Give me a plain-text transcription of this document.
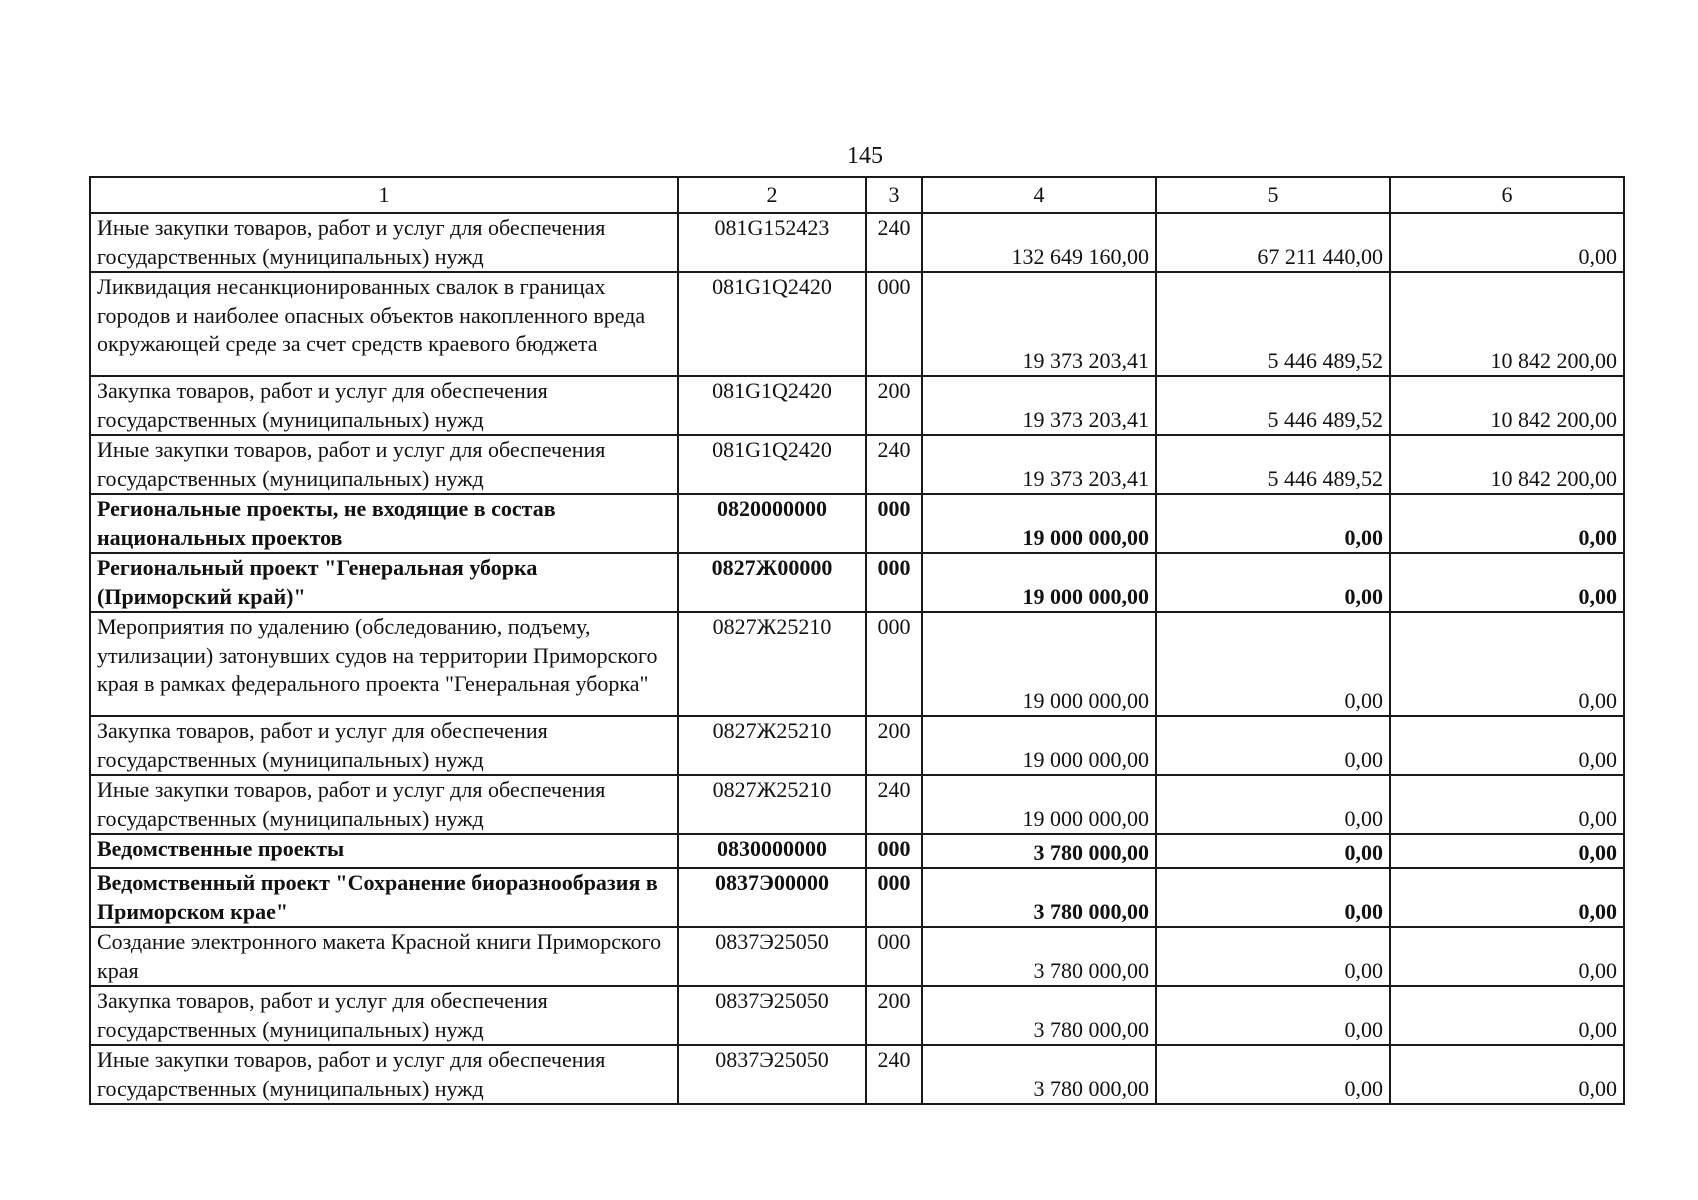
145
1	2	3	4	5	6
Иные закупки товаров, работ и услуг для обеспечения государственных (муниципальных) нужд	081G152423	240	132 649 160,00	67 211 440,00	0,00
Ликвидация несанкционированных свалок в границах городов и наиболее опасных объектов накопленного вреда окружающей среде за счет средств краевого бюджета	081G1Q2420	000	19 373 203,41	5 446 489,52	10 842 200,00
Закупка товаров, работ и услуг для обеспечения государственных (муниципальных) нужд	081G1Q2420	200	19 373 203,41	5 446 489,52	10 842 200,00
Иные закупки товаров, работ и услуг для обеспечения государственных (муниципальных) нужд	081G1Q2420	240	19 373 203,41	5 446 489,52	10 842 200,00
Региональные проекты, не входящие в состав национальных проектов	0820000000	000	19 000 000,00	0,00	0,00
Региональный проект "Генеральная уборка (Приморский край)"	0827Ж00000	000	19 000 000,00	0,00	0,00
Мероприятия по удалению (обследованию, подъему, утилизации) затонувших судов на территории Приморского края в рамках федерального проекта "Генеральная уборка"	0827Ж25210	000	19 000 000,00	0,00	0,00
Закупка товаров, работ и услуг для обеспечения государственных (муниципальных) нужд	0827Ж25210	200	19 000 000,00	0,00	0,00
Иные закупки товаров, работ и услуг для обеспечения государственных (муниципальных) нужд	0827Ж25210	240	19 000 000,00	0,00	0,00
Ведомственные проекты	0830000000	000	3 780 000,00	0,00	0,00
Ведомственный проект "Сохранение биоразнообразия в Приморском крае"	0837Э00000	000	3 780 000,00	0,00	0,00
Создание электронного макета Красной книги Приморского края	0837Э25050	000	3 780 000,00	0,00	0,00
Закупка товаров, работ и услуг для обеспечения государственных (муниципальных) нужд	0837Э25050	200	3 780 000,00	0,00	0,00
Иные закупки товаров, работ и услуг для обеспечения государственных (муниципальных) нужд	0837Э25050	240	3 780 000,00	0,00	0,00
